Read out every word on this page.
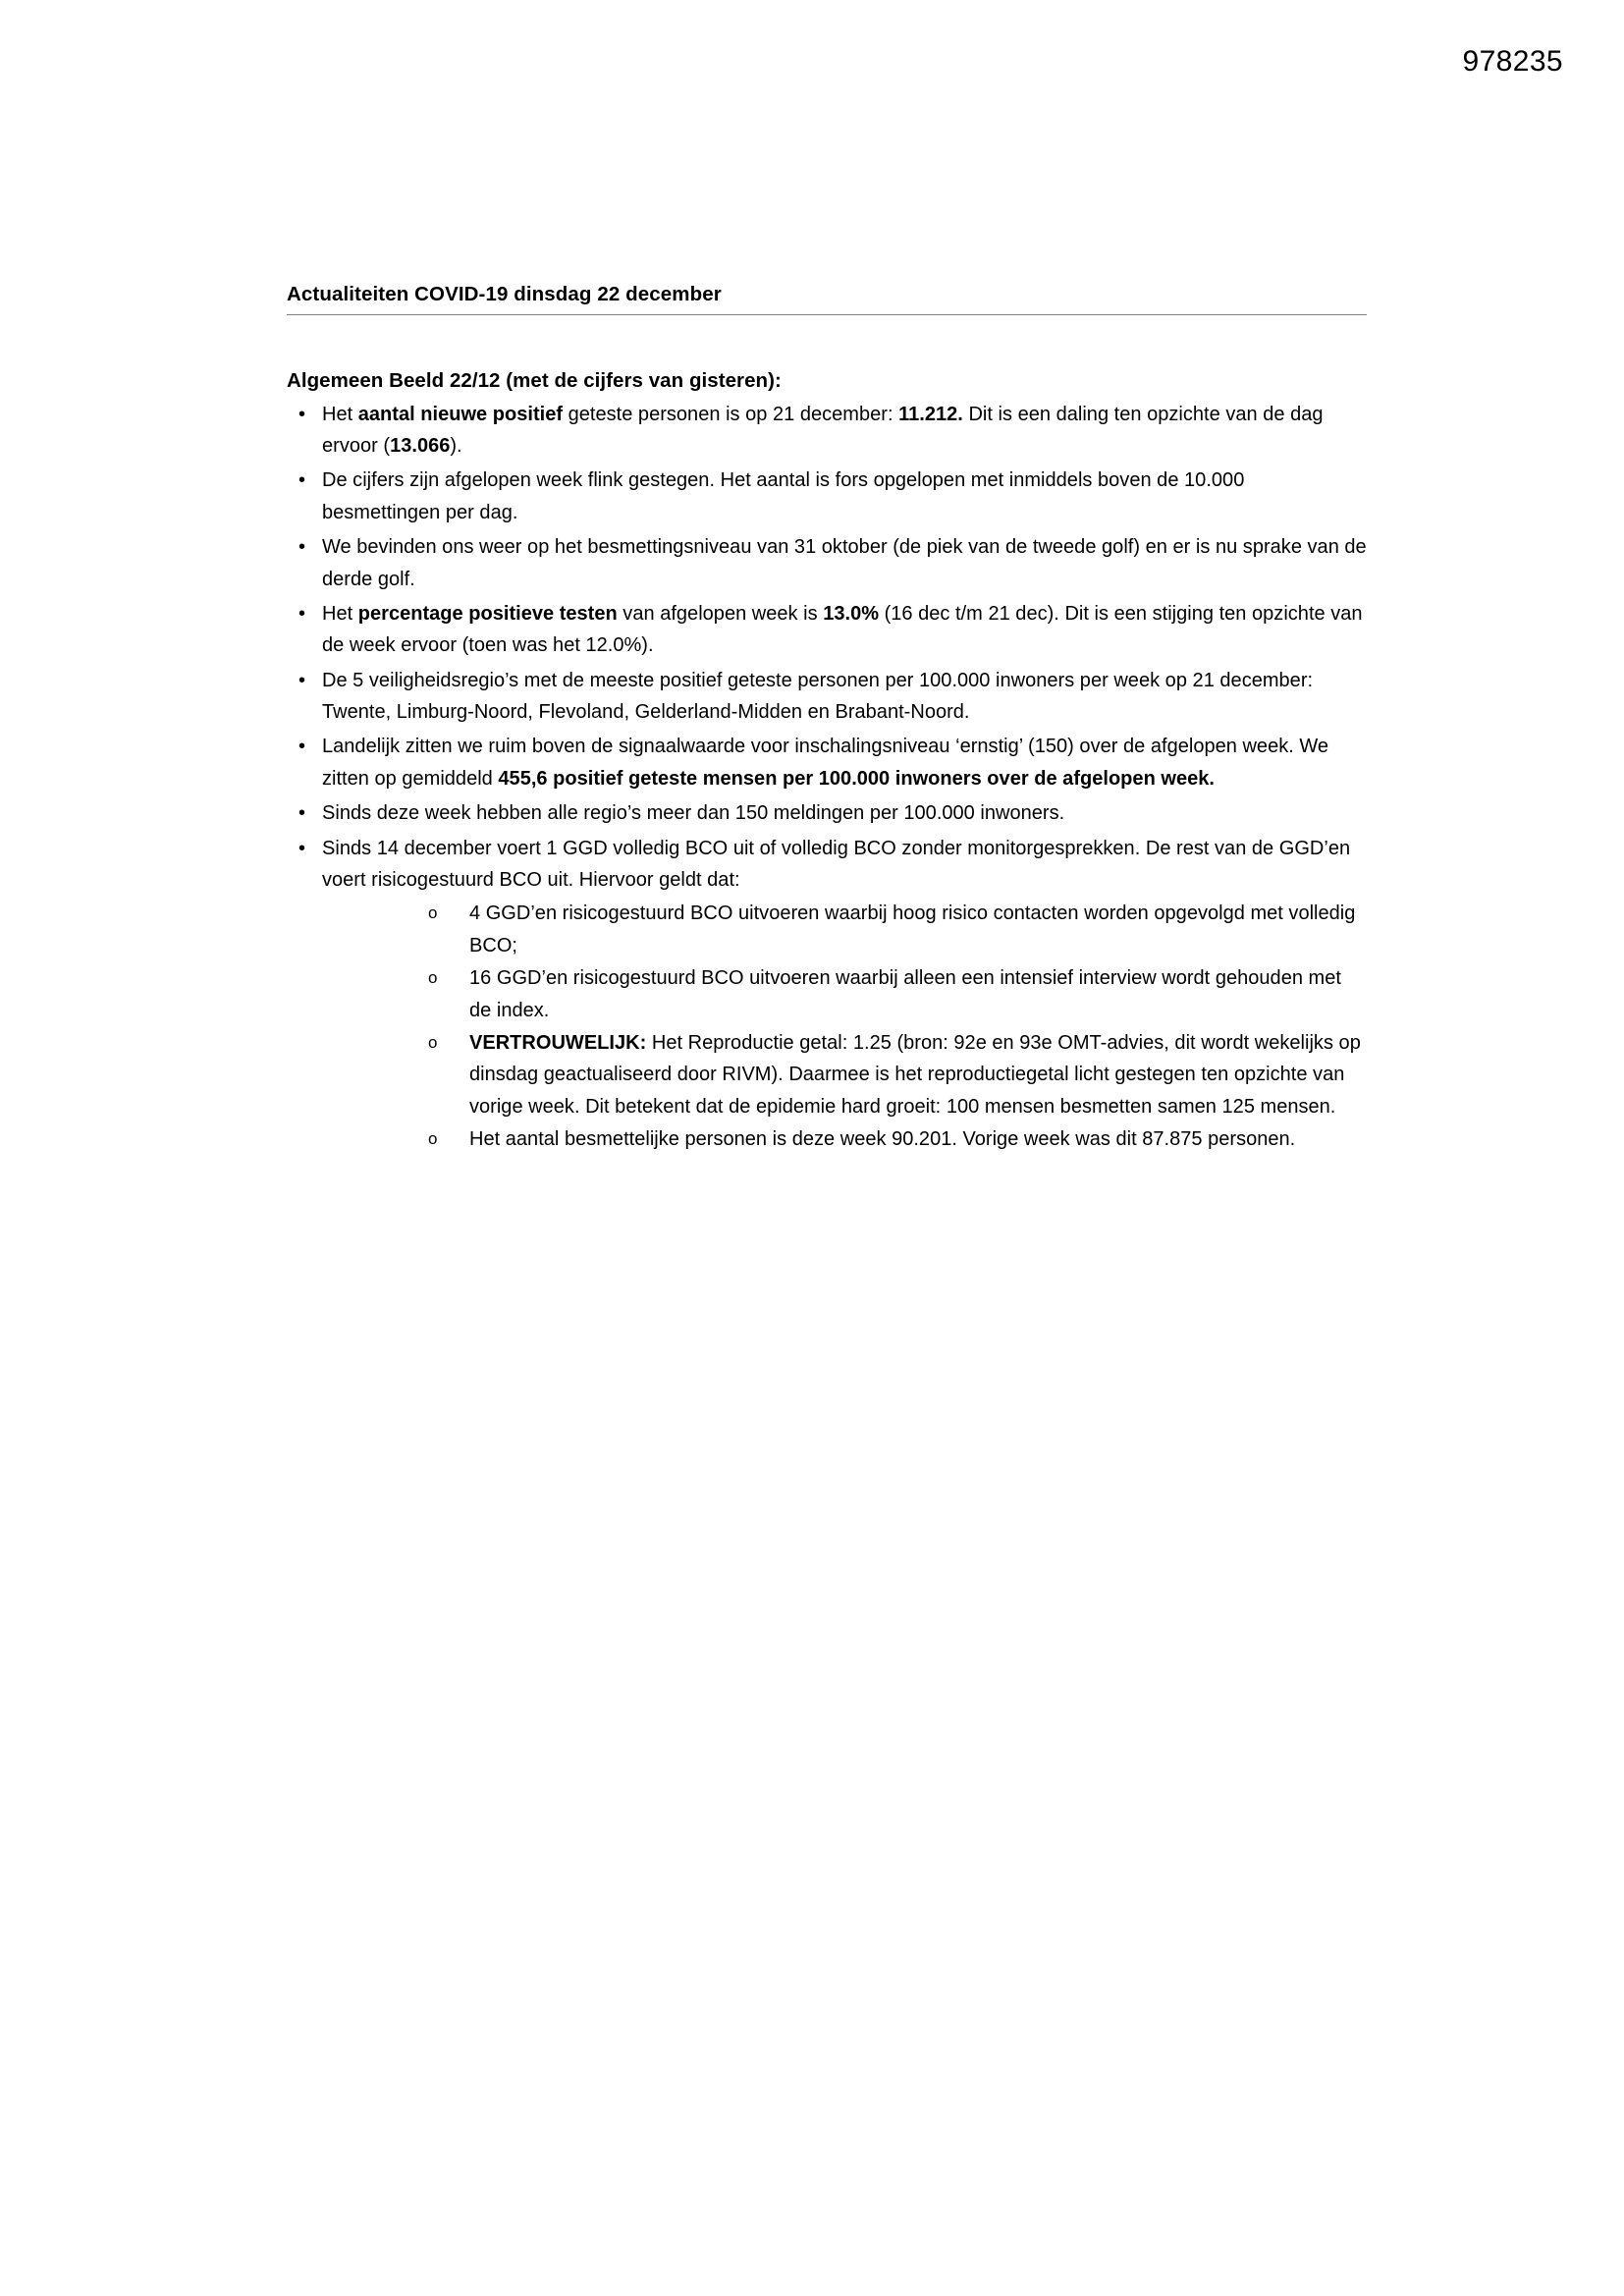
978235
Actualiteiten COVID-19 dinsdag 22 december
Algemeen Beeld 22/12 (met de cijfers van gisteren):
• Het aantal nieuwe positief geteste personen is op 21 december: 11.212. Dit is een daling ten opzichte van de dag ervoor (13.066).
• De cijfers zijn afgelopen week flink gestegen. Het aantal is fors opgelopen met inmiddels boven de 10.000 besmettingen per dag.
• We bevinden ons weer op het besmettingsniveau van 31 oktober (de piek van de tweede golf) en er is nu sprake van de derde golf.
• Het percentage positieve testen van afgelopen week is 13.0% (16 dec t/m 21 dec). Dit is een stijging ten opzichte van de week ervoor (toen was het 12.0%).
• De 5 veiligheidsregio’s met de meeste positief geteste personen per 100.000 inwoners per week op 21 december: Twente, Limburg-Noord, Flevoland, Gelderland-Midden en Brabant-Noord.
• Landelijk zitten we ruim boven de signaalwaarde voor inschalingsniveau ‘ernstig’ (150) over de afgelopen week. We zitten op gemiddeld 455,6 positief geteste mensen per 100.000 inwoners over de afgelopen week.
• Sinds deze week hebben alle regio’s meer dan 150 meldingen per 100.000 inwoners.
• Sinds 14 december voert 1 GGD volledig BCO uit of volledig BCO zonder monitorgesprekken. De rest van de GGD’en voert risicogestuurd BCO uit. Hiervoor geldt dat:
o 4 GGD’en risicogestuurd BCO uitvoeren waarbij hoog risico contacten worden opgevolgd met volledig BCO;
o 16 GGD’en risicogestuurd BCO uitvoeren waarbij alleen een intensief interview wordt gehouden met de index.
o VERTROUWELIJK: Het Reproductie getal: 1.25 (bron: 92e en 93e OMT-advies, dit wordt wekelijks op dinsdag geactualiseerd door RIVM). Daarmee is het reproductiegetal licht gestegen ten opzichte van vorige week. Dit betekent dat de epidemie hard groeit: 100 mensen besmetten samen 125 mensen.
o Het aantal besmettelijke personen is deze week 90.201. Vorige week was dit 87.875 personen.
